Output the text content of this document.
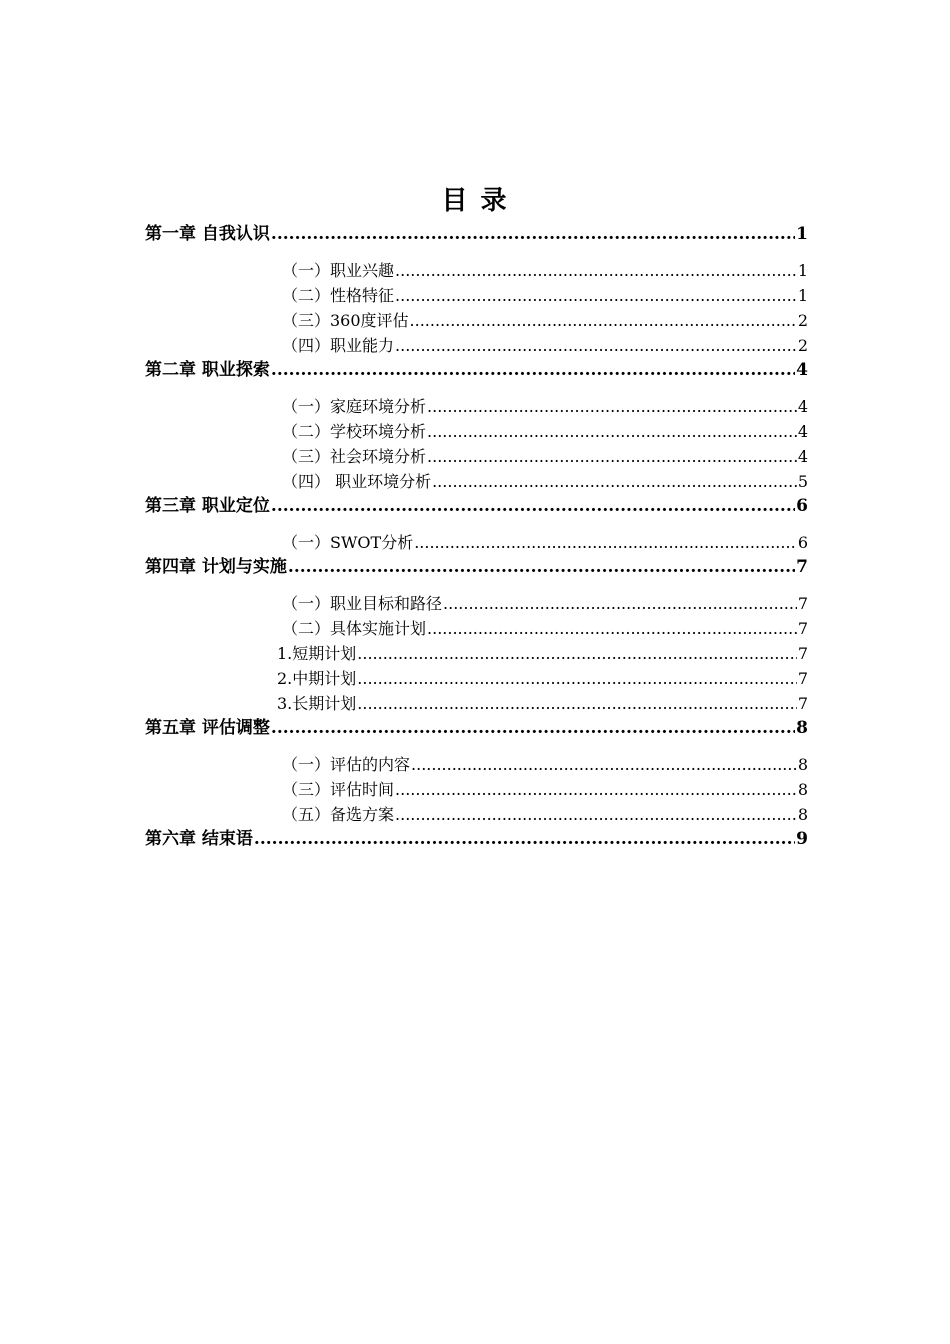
目 录
第一章 自我认识 .....	1
（一）职业兴趣 .....	1
（二）性格特征 .....	1
（三）360度评估 .....	2
（四）职业能力 .....	2
第二章 职业探索 .....	4
（一）家庭环境分析 .....	4
（二）学校环境分析 .....	4
（三）社会环境分析 .....	4
（四） 职业环境分析 .....	5
第三章 职业定位 .....	6
（一）SWOT分析 .....	6
第四章 计划与实施 .....	7
（一）职业目标和路径 .....	7
（二）具体实施计划 .....	7
1.短期计划 .....	7
2.中期计划 .....	7
3.长期计划 .....	7
第五章 评估调整 .....	8
（一）评估的内容 .....	8
（三）评估时间 .....	8
（五）备选方案 .....	8
第六章 结束语 .....	9
